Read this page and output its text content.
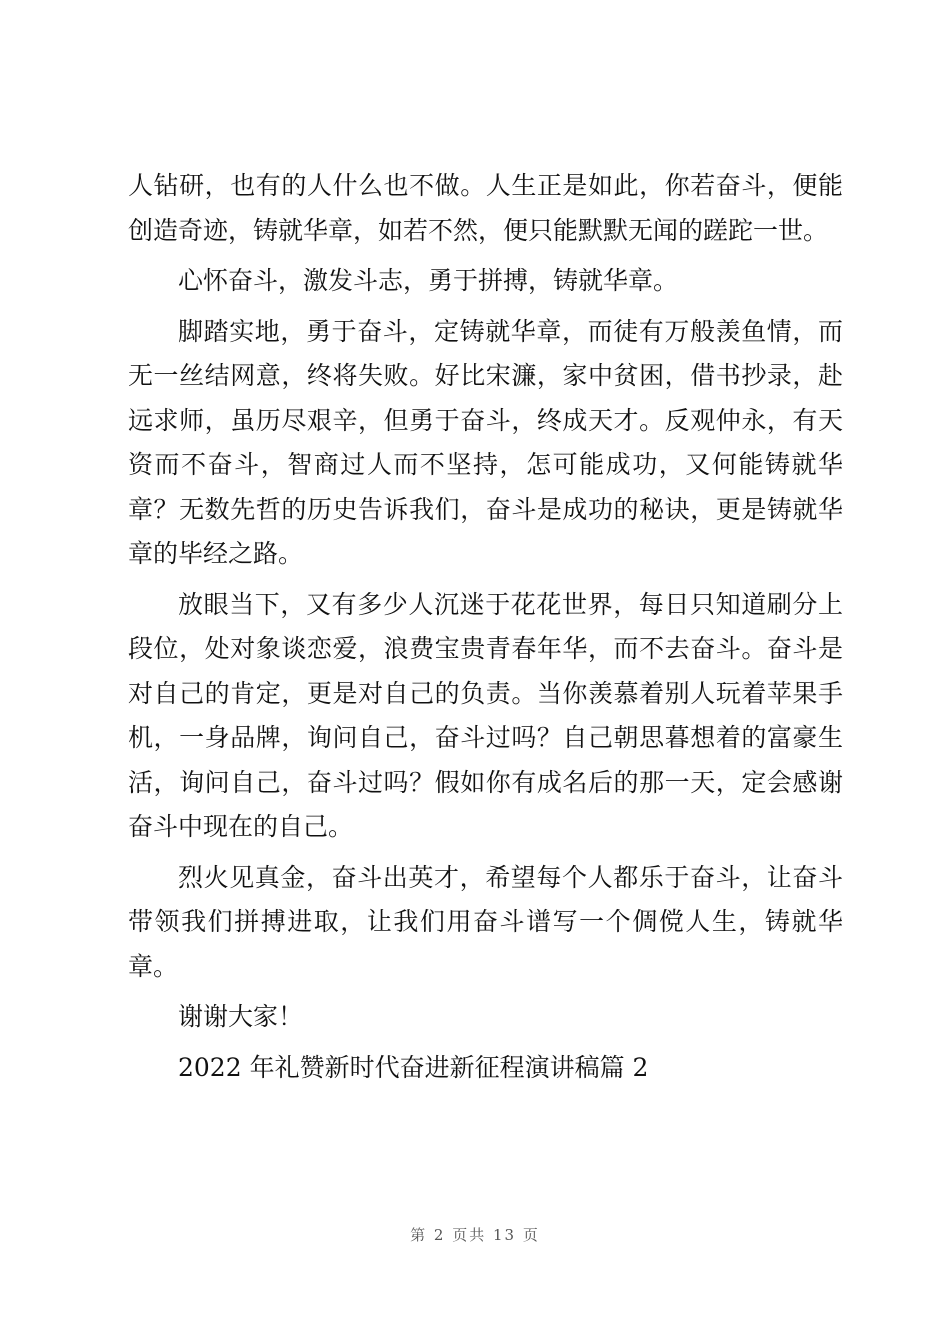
人钻研，也有的人什么也不做。人生正是如此，你若奋斗，便能创造奇迹，铸就华章，如若不然，便只能默默无闻的蹉跎一世。

心怀奋斗，激发斗志，勇于拼搏，铸就华章。

脚踏实地，勇于奋斗，定铸就华章，而徒有万般羡鱼情，而无一丝结网意，终将失败。好比宋濂，家中贫困，借书抄录，赴远求师，虽历尽艰辛，但勇于奋斗，终成天才。反观仲永，有天资而不奋斗，智商过人而不坚持，怎可能成功，又何能铸就华章？无数先哲的历史告诉我们，奋斗是成功的秘诀，更是铸就华章的毕经之路。

放眼当下，又有多少人沉迷于花花世界，每日只知道刷分上段位，处对象谈恋爱，浪费宝贵青春年华，而不去奋斗。奋斗是对自己的肯定，更是对自己的负责。当你羡慕着别人玩着苹果手机，一身品牌，询问自己，奋斗过吗？自己朝思暮想着的富豪生活，询问自己，奋斗过吗？假如你有成名后的那一天，定会感谢奋斗中现在的自己。

烈火见真金，奋斗出英才，希望每个人都乐于奋斗，让奋斗带领我们拼搏进取，让我们用奋斗谱写一个倜傥人生，铸就华章。

谢谢大家！

2022 年礼赞新时代奋进新征程演讲稿篇 2

第 2 页共 13 页
